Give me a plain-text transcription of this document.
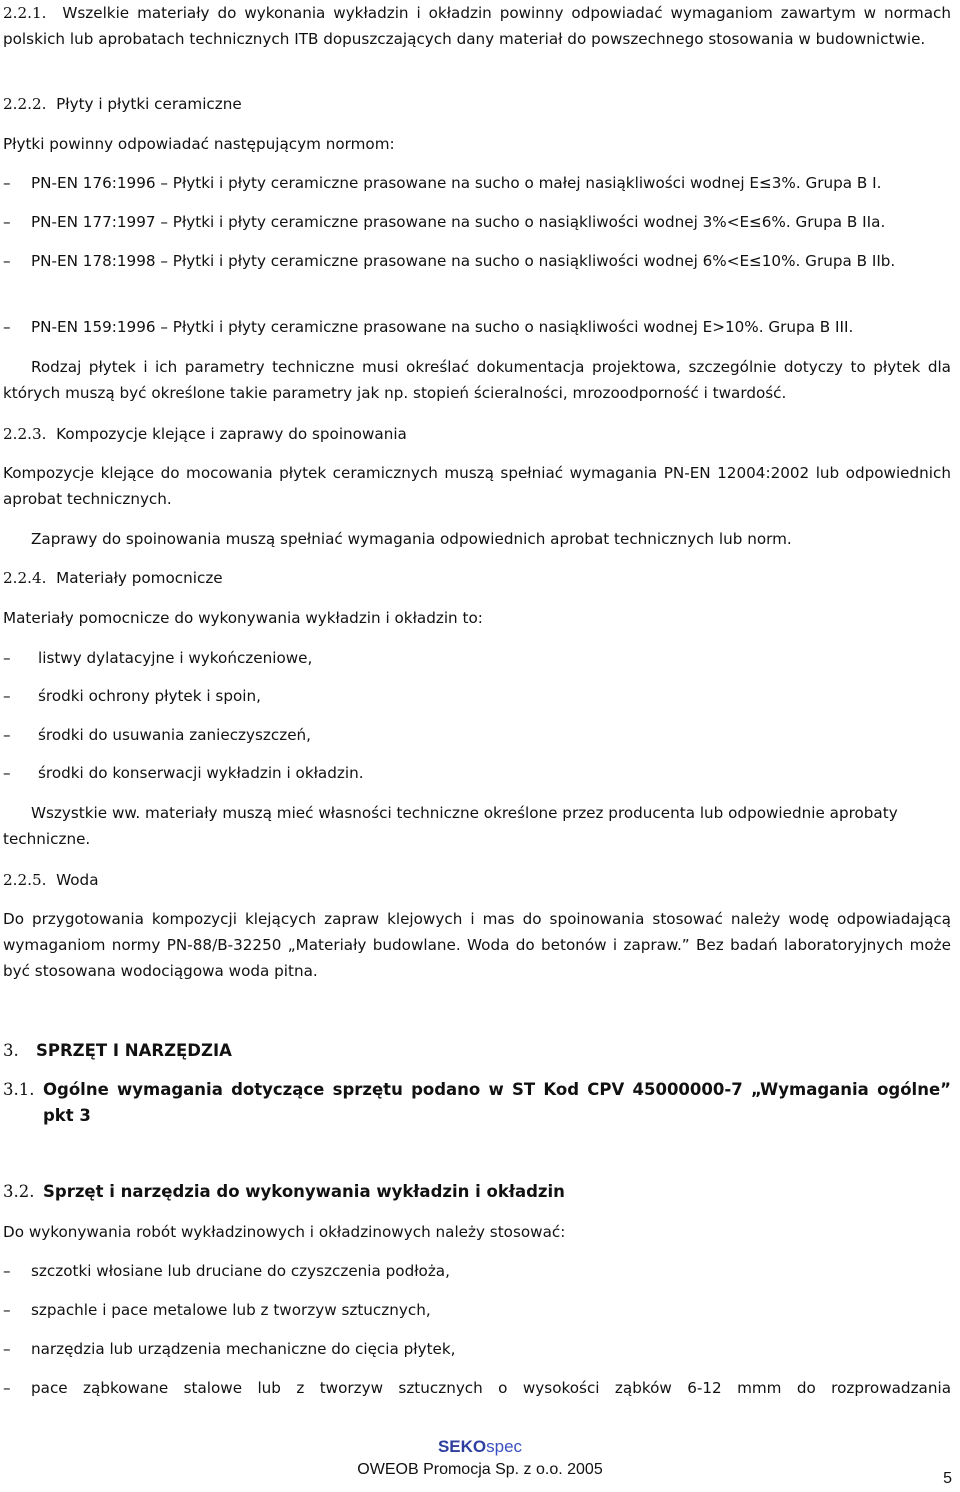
2.2.1. Wszelkie materiały do wykonania wykładzin i okładzin powinny odpowiadać wymaganiom zawartym w normach polskich lub aprobatach technicznych ITB dopuszczających dany materiał do powszechnego stosowania w budownictwie.
2.2.2. Płyty i płytki ceramiczne
Płytki powinny odpowiadać następującym normom:
–	PN-EN 176:1996 – Płytki i płyty ceramiczne prasowane na sucho o małej nasiąkliwości wodnej E≤3%. Grupa B I.
–	PN-EN 177:1997 – Płytki i płyty ceramiczne prasowane na sucho o nasiąkliwości wodnej 3%<E≤6%. Grupa B IIa.
–	PN-EN 178:1998 – Płytki i płyty ceramiczne prasowane na sucho o nasiąkliwości wodnej 6%<E≤10%. Grupa B IIb.
–	PN-EN 159:1996 – Płytki i płyty ceramiczne prasowane na sucho o nasiąkliwości wodnej E>10%. Grupa B III.
Rodzaj płytek i ich parametry techniczne musi określać dokumentacja projektowa, szczególnie dotyczy to płytek dla których muszą być określone takie parametry jak np. stopień ścieralności, mrozoodporność i twardość.
2.2.3. Kompozycje klejące i zaprawy do spoinowania
Kompozycje klejące do mocowania płytek ceramicznych muszą spełniać wymagania PN-EN 12004:2002 lub odpowiednich aprobat technicznych.
Zaprawy do spoinowania muszą spełniać wymagania odpowiednich aprobat technicznych lub norm.
2.2.4. Materiały pomocnicze
Materiały pomocnicze do wykonywania wykładzin i okładzin to:
–	listwy dylatacyjne i wykończeniowe,
–	środki ochrony płytek i spoin,
–	środki do usuwania zanieczyszczeń,
–	środki do konserwacji wykładzin i okładzin.
Wszystkie ww. materiały muszą mieć własności techniczne określone przez producenta lub odpowiednie aprobaty techniczne.
2.2.5. Woda
Do przygotowania kompozycji klejących zapraw klejowych i mas do spoinowania stosować należy wodę odpowiadającą wymaganiom normy PN-88/B-32250 „Materiały budowlane. Woda do betonów i zapraw.” Bez badań laboratoryjnych może być stosowana wodociągowa woda pitna.
3. SPRZĘT I NARZĘDZIA
3.1. Ogólne wymagania dotyczące sprzętu podano w ST Kod CPV 45000000-7 „Wymagania ogólne” pkt 3
3.2. Sprzęt i narzędzia do wykonywania wykładzin i okładzin
Do wykonywania robót wykładzinowych i okładzinowych należy stosować:
–	szczotki włosiane lub druciane do czyszczenia podłoża,
–	szpachle i pace metalowe lub z tworzyw sztucznych,
–	narzędzia lub urządzenia mechaniczne do cięcia płytek,
–	pace ząbkowane stalowe lub z tworzyw sztucznych o wysokości ząbków 6-12 mmm do rozprowadzania
SEKOspec
OWEOB Promocja Sp. z o.o. 2005
5
